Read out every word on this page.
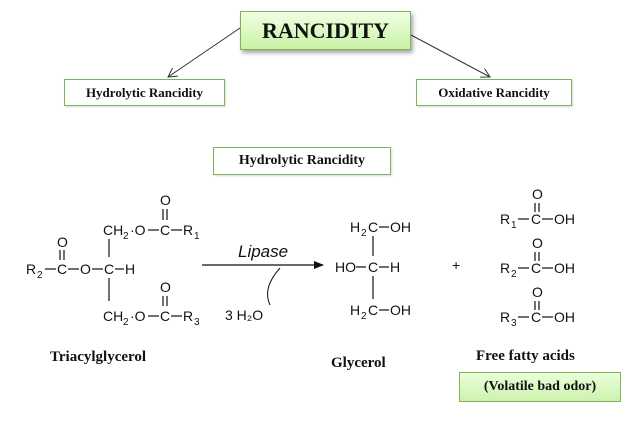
RANCIDITY
Hydrolytic Rancidity	Oxidative Rancidity
Hydrolytic Rancidity
CH 2 ·O C R 1
O
R 2 C O C H
O
CH 2 ·O C R 3
O
Lipase
3 H₂O
H 2 C OH
HO C H
H 2 C OH
+
O
R 1 C OH
O
R 2 C OH
O
R 3 C OH
Triacylglycerol	Glycerol	Free fatty acids
(Volatile bad odor)
